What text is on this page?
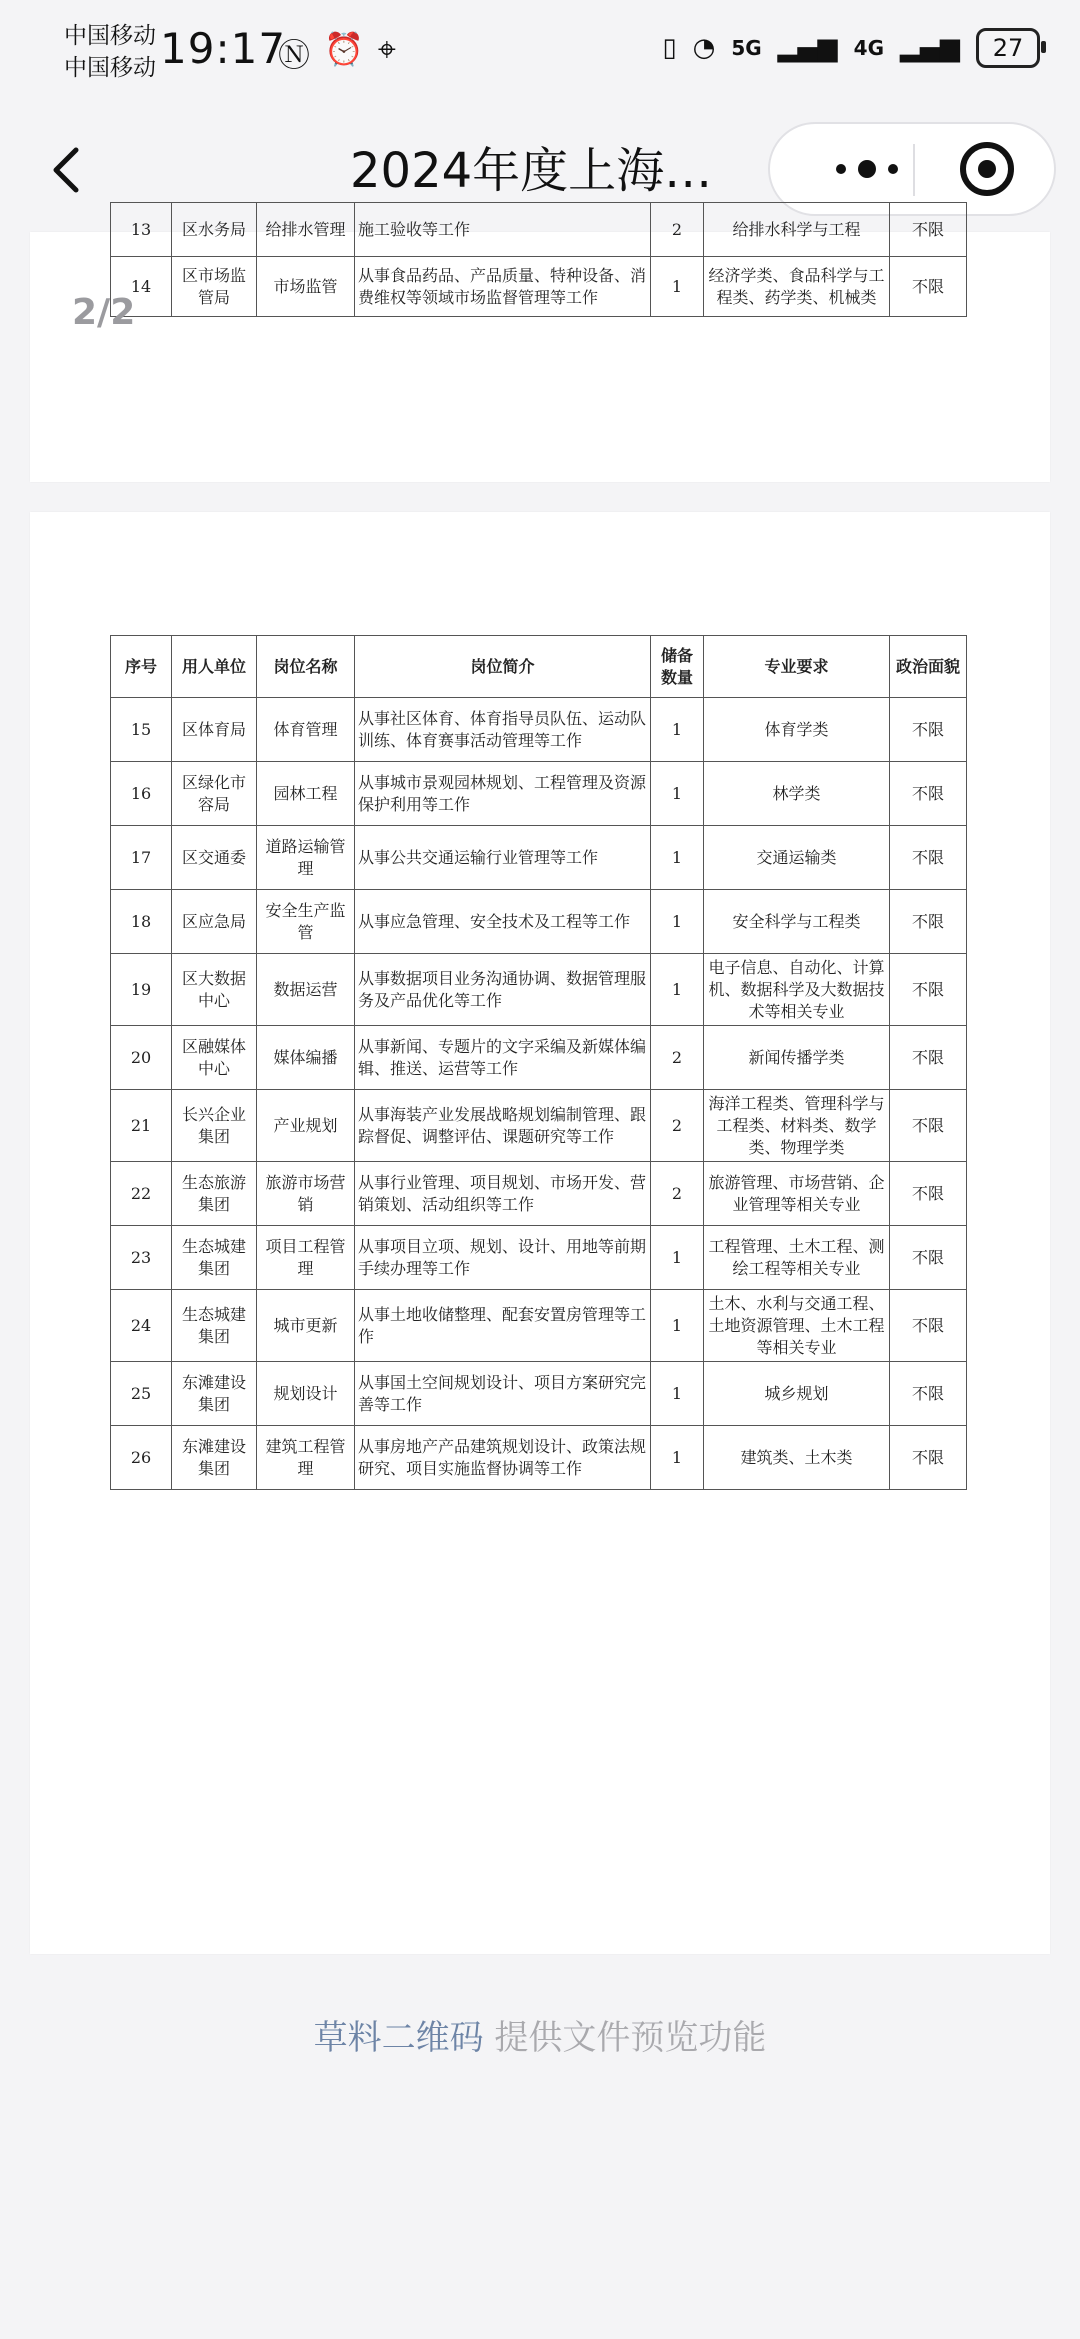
中国移动
中国移动 19:17
Ⓝ ⏰ ⌖	▯ ◔ 5G ▂▄▆ 4G ▂▄▆ 27
2024年度上海…
13	区水务局	给排水管理	施工验收等工作	2	给排水科学与工程	不限
14	区市场监管局	市场监管	从事食品药品、产品质量、特种设备、消费维权等领域市场监督管理等工作	1	经济学类、食品科学与工程类、药学类、机械类	不限
2/2
序号	用人单位	岗位名称	岗位简介	储备数量	专业要求	政治面貌
15	区体育局	体育管理	从事社区体育、体育指导员队伍、运动队训练、体育赛事活动管理等工作	1	体育学类	不限
16	区绿化市容局	园林工程	从事城市景观园林规划、工程管理及资源保护利用等工作	1	林学类	不限
17	区交通委	道路运输管理	从事公共交通运输行业管理等工作	1	交通运输类	不限
18	区应急局	安全生产监管	从事应急管理、安全技术及工程等工作	1	安全科学与工程类	不限
19	区大数据中心	数据运营	从事数据项目业务沟通协调、数据管理服务及产品优化等工作	1	电子信息、自动化、计算机、数据科学及大数据技术等相关专业	不限
20	区融媒体中心	媒体编播	从事新闻、专题片的文字采编及新媒体编辑、推送、运营等工作	2	新闻传播学类	不限
21	长兴企业集团	产业规划	从事海装产业发展战略规划编制管理、跟踪督促、调整评估、课题研究等工作	2	海洋工程类、管理科学与工程类、材料类、数学类、物理学类	不限
22	生态旅游集团	旅游市场营销	从事行业管理、项目规划、市场开发、营销策划、活动组织等工作	2	旅游管理、市场营销、企业管理等相关专业	不限
23	生态城建集团	项目工程管理	从事项目立项、规划、设计、用地等前期手续办理等工作	1	工程管理、土木工程、测绘工程等相关专业	不限
24	生态城建集团	城市更新	从事土地收储整理、配套安置房管理等工作	1	土木、水利与交通工程、土地资源管理、土木工程等相关专业	不限
25	东滩建设集团	规划设计	从事国土空间规划设计、项目方案研究完善等工作	1	城乡规划	不限
26	东滩建设集团	建筑工程管理	从事房地产产品建筑规划设计、政策法规研究、项目实施监督协调等工作	1	建筑类、土木类	不限
草料二维码 提供文件预览功能
